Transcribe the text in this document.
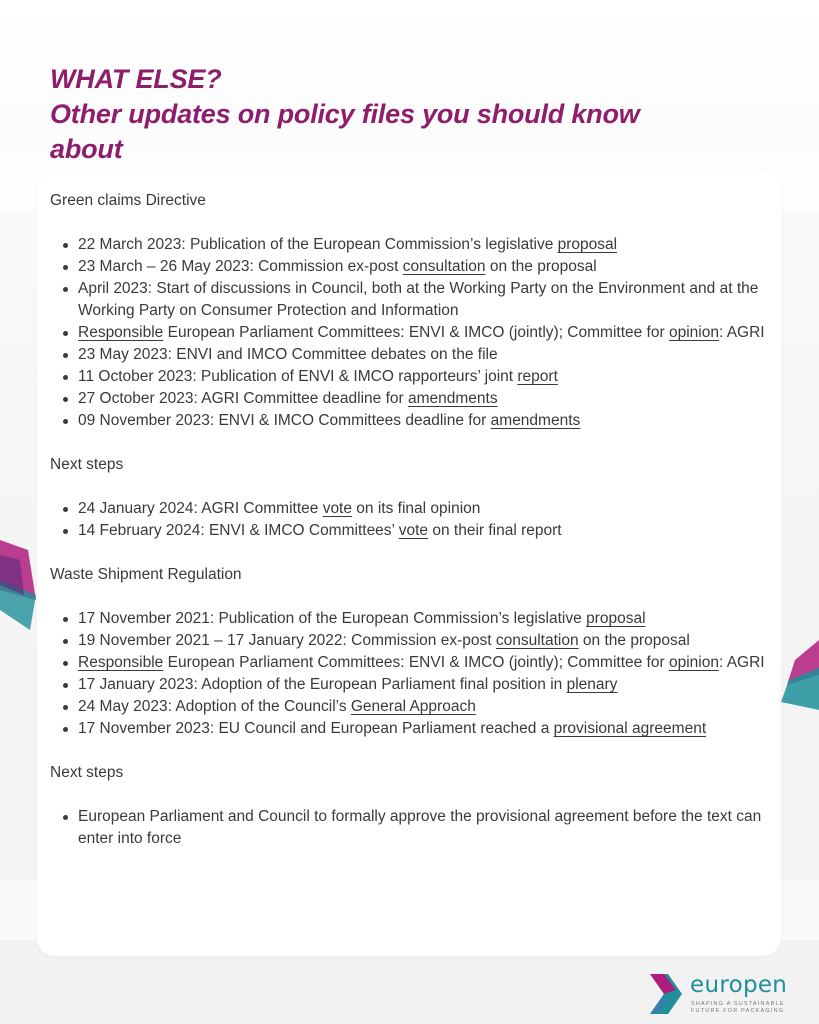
WHAT ELSE?
Other updates on policy files you should know
about
Green claims Directive
22 March 2023: Publication of the European Commission’s legislative proposal
23 March – 26 May 2023: Commission ex-post consultation on the proposal
April 2023: Start of discussions in Council, both at the Working Party on the Environment and at the Working Party on Consumer Protection and Information
Responsible European Parliament Committees: ENVI & IMCO (jointly); Committee for opinion: AGRI
23 May 2023: ENVI and IMCO Committee debates on the file
11 October 2023: Publication of ENVI & IMCO rapporteurs’ joint report
27 October 2023: AGRI Committee deadline for amendments
09 November 2023: ENVI & IMCO Committees deadline for amendments
Next steps
24 January 2024: AGRI Committee vote on its final opinion
14 February 2024: ENVI & IMCO Committees’ vote on their final report
Waste Shipment Regulation
17 November 2021: Publication of the European Commission’s legislative proposal
19 November 2021 – 17 January 2022: Commission ex-post consultation on the proposal
Responsible European Parliament Committees: ENVI & IMCO (jointly); Committee for opinion: AGRI
17 January 2023: Adoption of the European Parliament final position in plenary
24 May 2023: Adoption of the Council’s General Approach
17 November 2023: EU Council and European Parliament reached a provisional agreement
Next steps
European Parliament and Council to formally approve the provisional agreement before the text can enter into force
europen
SHAPING A SUSTAINABLE FUTURE FOR PACKAGING
